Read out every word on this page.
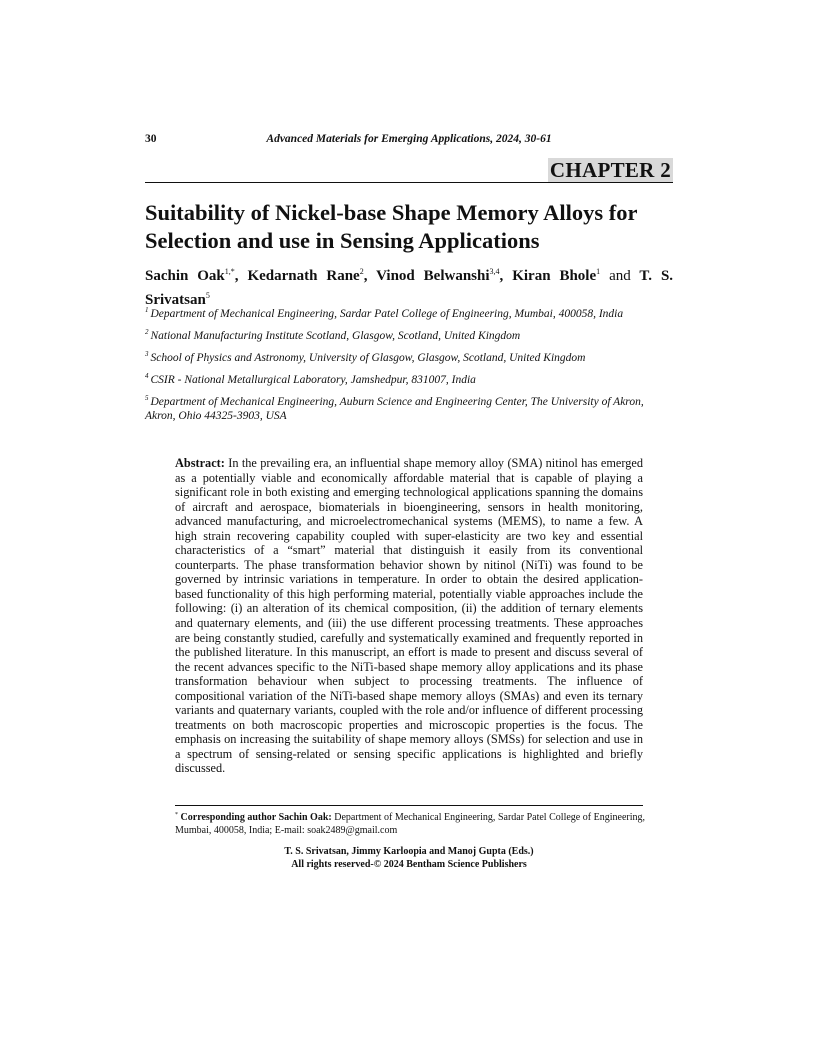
30	Advanced Materials for Emerging Applications, 2024, 30-61
CHAPTER 2
Suitability of Nickel-base Shape Memory Alloys for Selection and use in Sensing Applications
Sachin Oak$^{1,*}$, Kedarnath Rane$^2$, Vinod Belwanshi$^{3,4}$, Kiran Bhole$^1$ and T. S. Srivatsan$^5$

$^1$ Department of Mechanical Engineering, Sardar Patel College of Engineering, Mumbai, 400058, India

$^2$ National Manufacturing Institute Scotland, Glasgow, Scotland, United Kingdom

$^3$ School of Physics and Astronomy, University of Glasgow, Glasgow, Scotland, United Kingdom

$^4$ CSIR - National Metallurgical Laboratory, Jamshedpur, 831007, India

$^5$ Department of Mechanical Engineering, Auburn Science and Engineering Center, The University of Akron, Akron, Ohio 44325-3903, USA

Abstract: In the prevailing era, an influential shape memory alloy (SMA) nitinol has emerged as a potentially viable and economically affordable material that is capable of playing a significant role in both existing and emerging technological applications spanning the domains of aircraft and aerospace, biomaterials in bioengineering, sensors in health monitoring, advanced manufacturing, and microelectromechanical systems (MEMS), to name a few. A high strain recovering capability coupled with super-elasticity are two key and essential characteristics of a “smart” material that distinguish it easily from its conventional counterparts. The phase transformation behavior shown by nitinol (NiTi) was found to be governed by intrinsic variations in temperature. In order to obtain the desired application-based functionality of this high performing material, potentially viable approaches include the following: (i) an alteration of its chemical composition, (ii) the addition of ternary elements and quaternary elements, and (iii) the use different processing treatments. These approaches are being constantly studied, carefully and systematically examined and frequently reported in the published literature. In this manuscript, an effort is made to present and discuss several of the recent advances specific to the NiTi-based shape memory alloy applications and its phase transformation behaviour when subject to processing treatments. The influence of compositional variation of the NiTi-based shape memory alloys (SMAs) and even its ternary variants and quaternary variants, coupled with the role and/or influence of different processing treatments on both macroscopic properties and microscopic properties is the focus. The emphasis on increasing the suitability of shape memory alloys (SMSs) for selection and use in a spectrum of sensing-related or sensing specific applications is highlighted and briefly discussed.

* Corresponding author Sachin Oak: Department of Mechanical Engineering, Sardar Patel College of Engineering, Mumbai, 400058, India; E-mail: soak2489@gmail.com
T. S. Srivatsan, Jimmy Karloopia and Manoj Gupta (Eds.)
All rights reserved-© 2024 Bentham Science Publishers
